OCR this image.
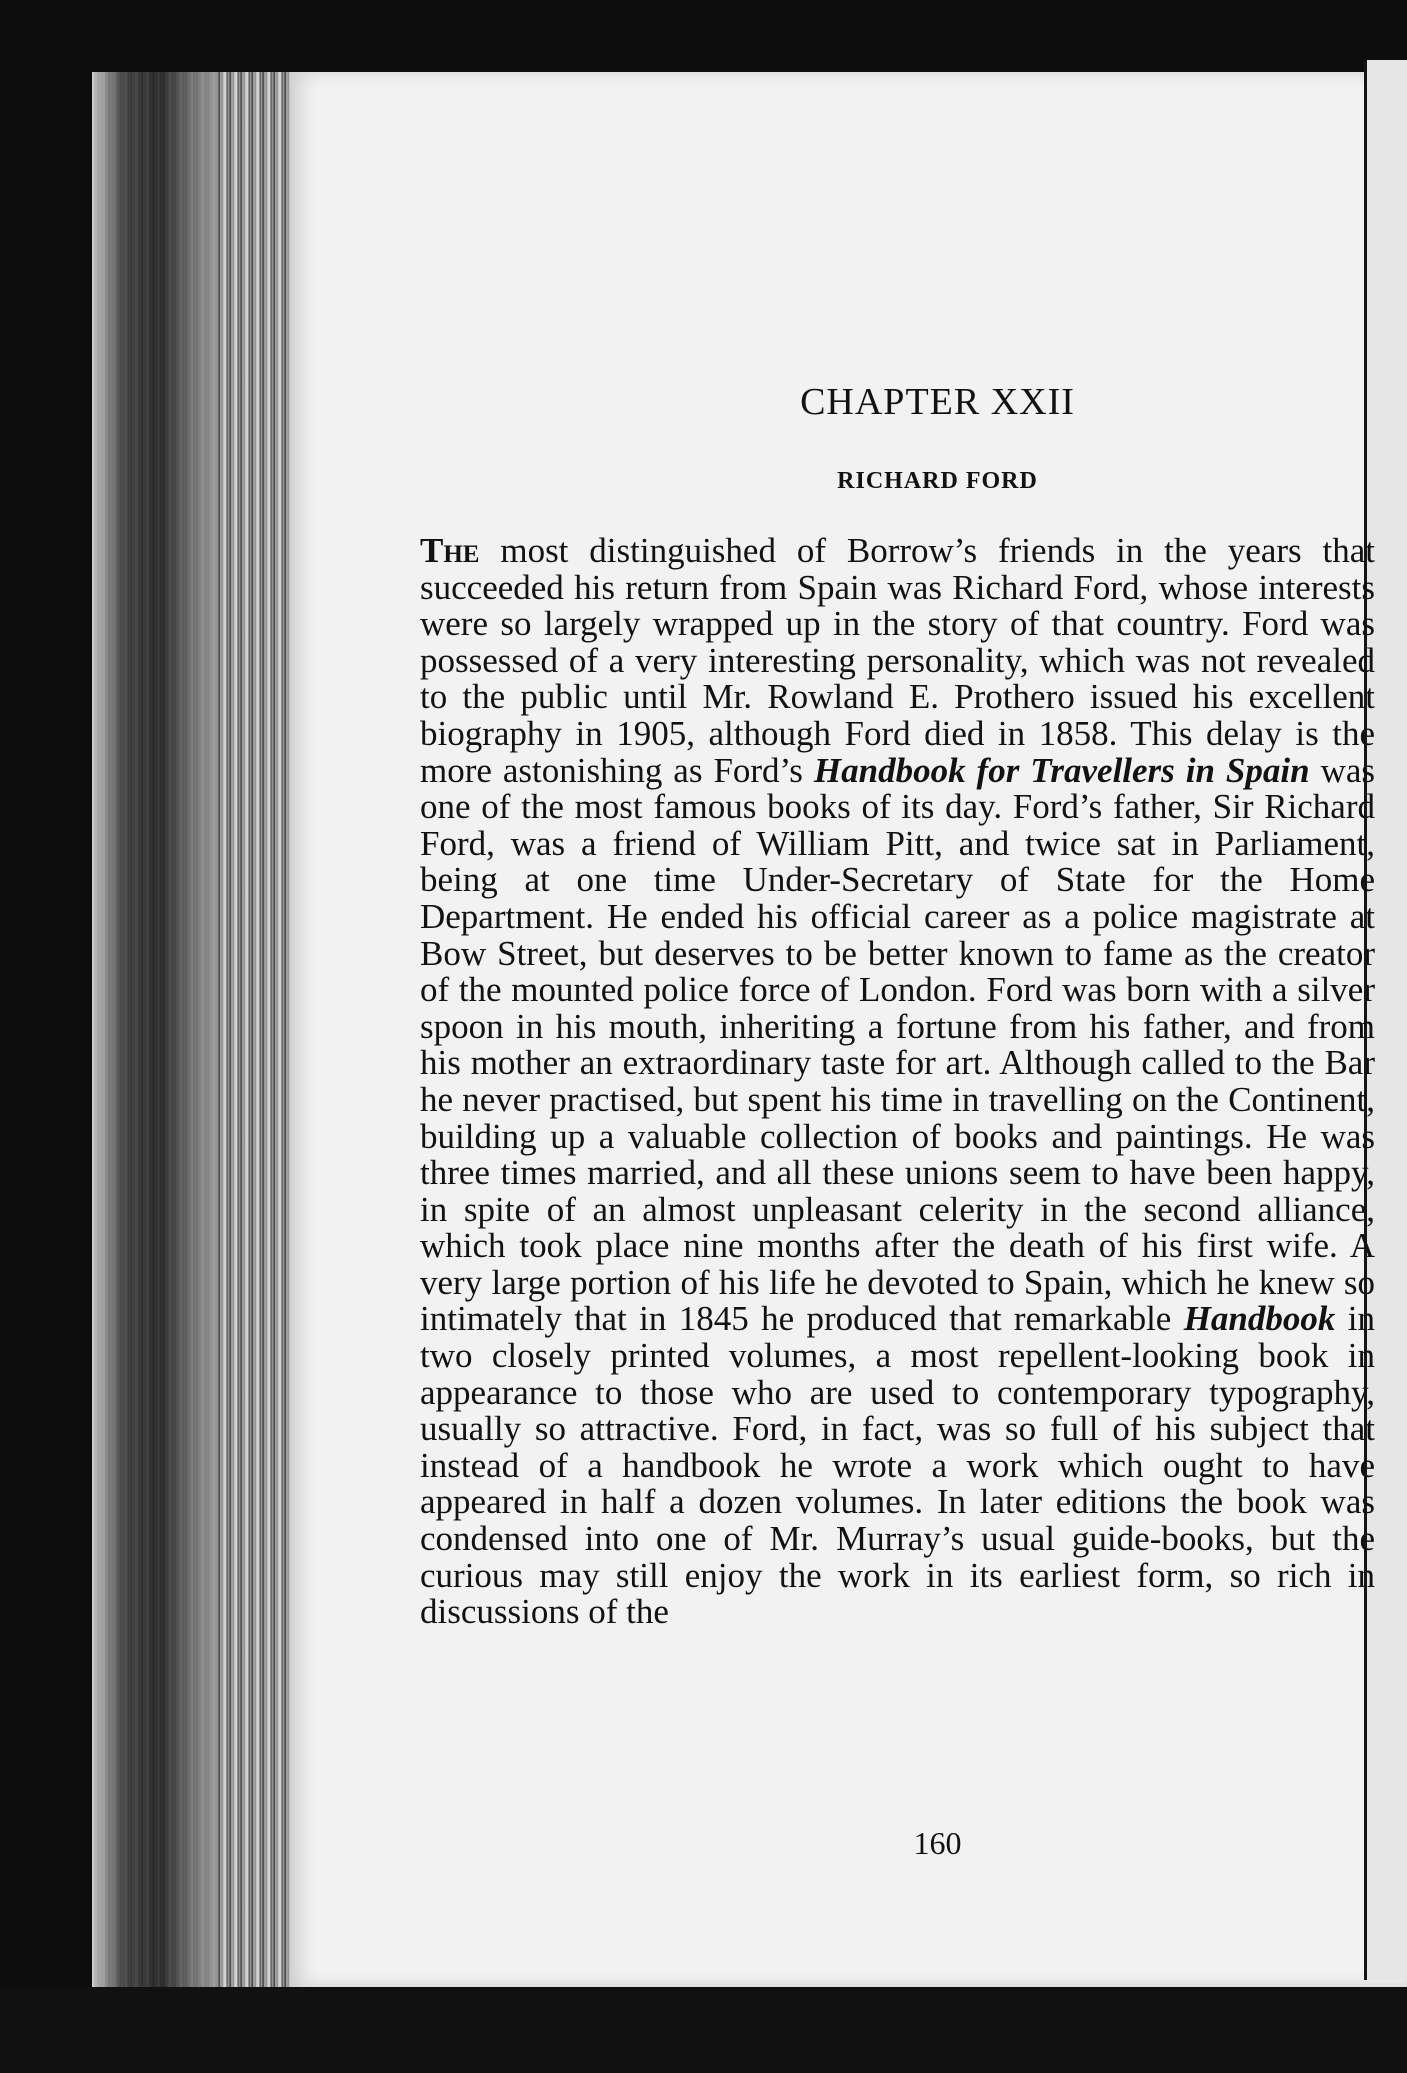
CHAPTER XXII
RICHARD FORD

The most distinguished of Borrow’s friends in the years that succeeded his return from Spain was Richard Ford, whose interests were so largely wrapped up in the story of that country. Ford was possessed of a very interesting personality, which was not revealed to the public until Mr. Rowland E. Prothero issued his excellent biography in 1905, although Ford died in 1858. This delay is the more astonishing as Ford’s Handbook for Travellers in Spain was one of the most famous books of its day. Ford’s father, Sir Richard Ford, was a friend of William Pitt, and twice sat in Parliament, being at one time Under-Secretary of State for the Home Department. He ended his official career as a police magistrate at Bow Street, but deserves to be better known to fame as the creator of the mounted police force of London. Ford was born with a silver spoon in his mouth, inheriting a fortune from his father, and from his mother an extraordinary taste for art. Although called to the Bar he never practised, but spent his time in travelling on the Continent, building up a valuable collection of books and paintings. He was three times married, and all these unions seem to have been happy, in spite of an almost unpleasant celerity in the second alliance, which took place nine months after the death of his first wife. A very large portion of his life he devoted to Spain, which he knew so intimately that in 1845 he produced that remarkable Handbook in two closely printed volumes, a most repellent-looking book in appearance to those who are used to contemporary typography, usually so attractive. Ford, in fact, was so full of his subject that instead of a handbook he wrote a work which ought to have appeared in half a dozen volumes. In later editions the book was condensed into one of Mr. Murray’s usual guide-books, but the curious may still enjoy the work in its earliest form, so rich in discussions of the

160
